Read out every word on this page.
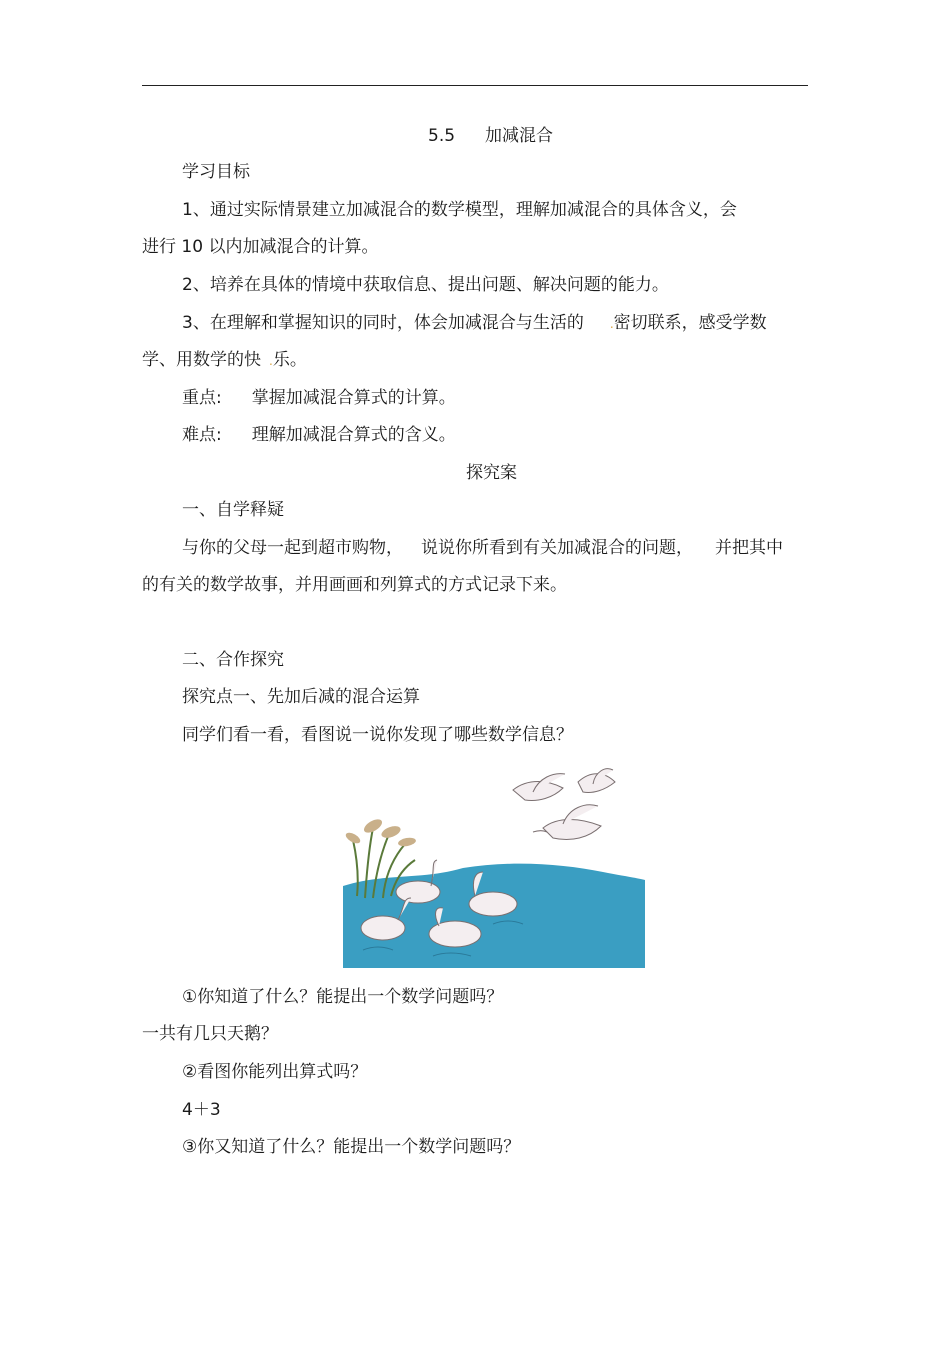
5.5 加减混合
学习目标
1、通过实际情景建立加减混合的数学模型，理解加减混合的具体含义，会
进行 10 以内加减混合的计算。
2、培养在具体的情境中获取信息、提出问题、解决问题的能力。
3、在理解和掌握知识的同时，体会加减混合与生活的 .密切联系，感受学数
学、用数学的快 .乐。
重点: 掌握加减混合算式的计算。
难点: 理解加减混合算式的含义。
探究案
一、自学释疑
与你的父母一起到超市购物， 说说你所看到有关加减混合的问题， 并把其中
的有关的数学故事，并用画画和列算式的方式记录下来。
二、合作探究
探究点一、先加后减的混合运算
同学们看一看，看图说一说你发现了哪些数学信息？
①你知道了什么？能提出一个数学问题吗？
一共有几只天鹅？
②看图你能列出算式吗？
4＋3
③你又知道了什么？能提出一个数学问题吗？
